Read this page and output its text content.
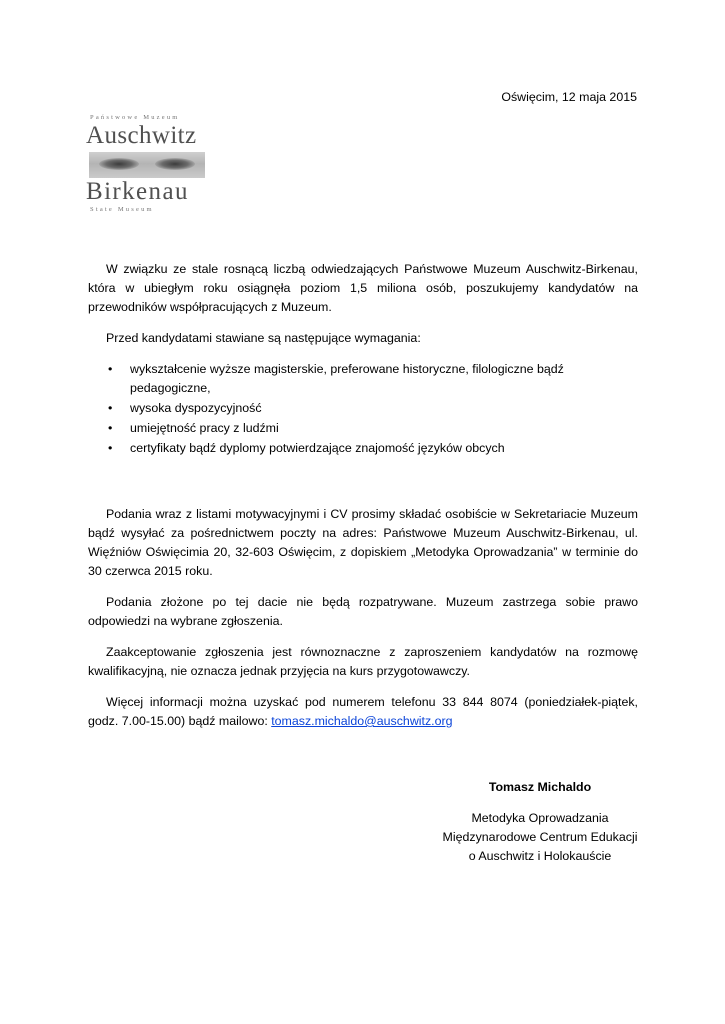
Oświęcim, 12 maja 2015

Państwowe Muzeum
Auschwitz
Birkenau
State Museum

W związku ze stale rosnącą liczbą odwiedzających Państwowe Muzeum Auschwitz-Birkenau, która w ubiegłym roku osiągnęła poziom 1,5 miliona osób, poszukujemy kandydatów na przewodników współpracujących z Muzeum.

Przed kandydatami stawiane są następujące wymagania:

• wykształcenie wyższe magisterskie, preferowane historyczne, filologiczne bądź pedagogiczne,
• wysoka dyspozycyjność
• umiejętność pracy z ludźmi
• certyfikaty bądź dyplomy potwierdzające znajomość języków obcych

Podania wraz z listami motywacyjnymi i CV prosimy składać osobiście w Sekretariacie Muzeum bądź wysyłać za pośrednictwem poczty na adres: Państwowe Muzeum Auschwitz-Birkenau, ul. Więźniów Oświęcimia 20, 32-603 Oświęcim, z dopiskiem „Metodyka Oprowadzania” w terminie do 30 czerwca 2015 roku.

Podania złożone po tej dacie nie będą rozpatrywane. Muzeum zastrzega sobie prawo odpowiedzi na wybrane zgłoszenia.

Zaakceptowanie zgłoszenia jest równoznaczne z zaproszeniem kandydatów na rozmowę kwalifikacyjną, nie oznacza jednak przyjęcia na kurs przygotowawczy.

Więcej informacji można uzyskać pod numerem telefonu 33 844 8074 (poniedziałek-piątek, godz. 7.00-15.00) bądź mailowo: tomasz.michaldo@auschwitz.org

Tomasz Michaldo

Metodyka Oprowadzania

Międzynarodowe Centrum Edukacji

o Auschwitz i Holokauście
